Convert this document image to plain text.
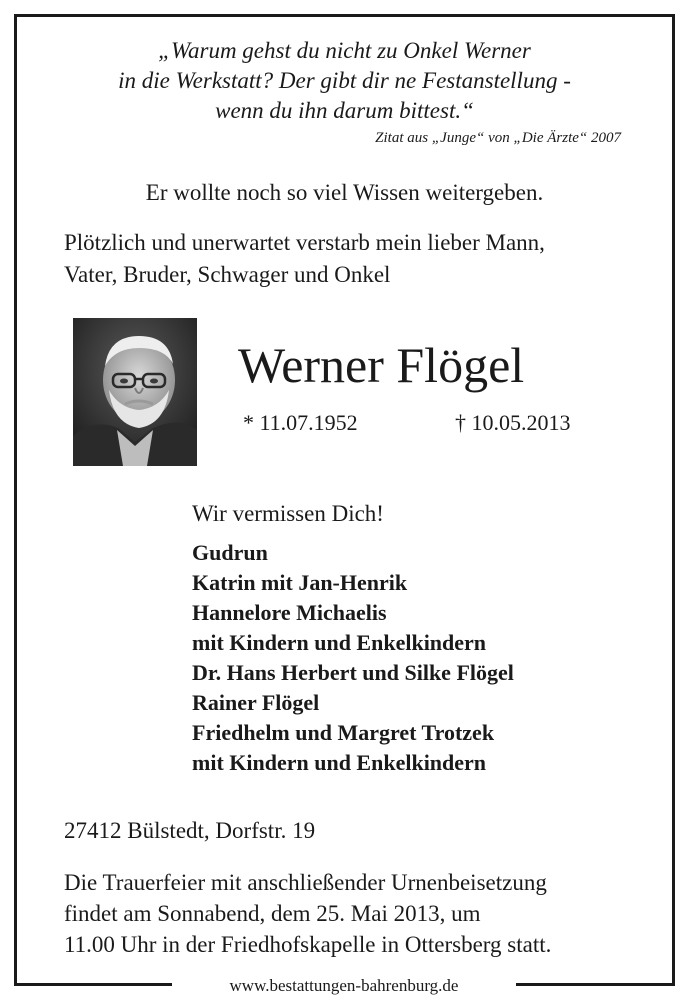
„Warum gehst du nicht zu Onkel Werner
in die Werkstatt? Der gibt dir ne Festanstellung -
wenn du ihn darum bittest.“
Zitat aus „Junge“ von „Die Ärzte“ 2007
Er wollte noch so viel Wissen weitergeben.
Plötzlich und unerwartet verstarb mein lieber Mann,
Vater, Bruder, Schwager und Onkel
Werner Flögel
* 11.07.1952	† 10.05.2013
Wir vermissen Dich!
Gudrun
Katrin mit Jan-Henrik
Hannelore Michaelis
mit Kindern und Enkelkindern
Dr. Hans Herbert und Silke Flögel
Rainer Flögel
Friedhelm und Margret Trotzek
mit Kindern und Enkelkindern
27412 Bülstedt, Dorfstr. 19
Die Trauerfeier mit anschließender Urnenbeisetzung
findet am Sonnabend, dem 25. Mai 2013, um
11.00 Uhr in der Friedhofskapelle in Ottersberg statt.
www.bestattungen-bahrenburg.de
